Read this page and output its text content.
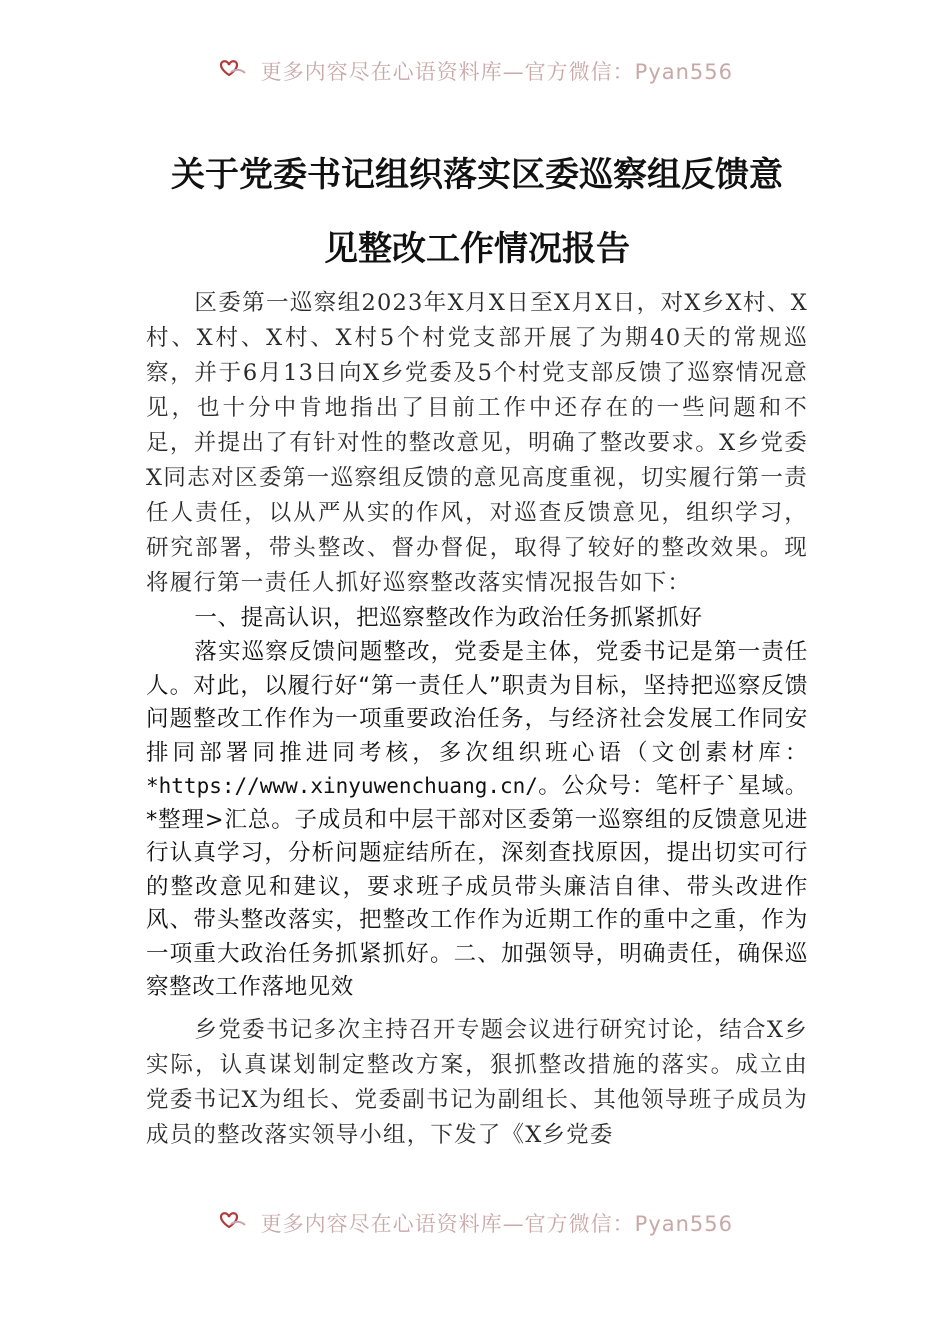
更多内容尽在心语资料库—官方微信：Pyan556
关于党委书记组织落实区委巡察组反馈意
见整改工作情况报告

区委第一巡察组2023年X月X日至X月X日，对X乡X村、X村、X村、X村、X村5个村党支部开展了为期40天的常规巡察，并于6月13日向X乡党委及5个村党支部反馈了巡察情况意见，也十分中肯地指出了目前工作中还存在的一些问题和不足，并提出了有针对性的整改意见，明确了整改要求。X乡党委X同志对区委第一巡察组反馈的意见高度重视，切实履行第一责任人责任，以从严从实的作风，对巡查反馈意见，组织学习，研究部署，带头整改、督办督促，取得了较好的整改效果。现将履行第一责任人抓好巡察整改落实情况报告如下：

一、提高认识，把巡察整改作为政治任务抓紧抓好

落实巡察反馈问题整改，党委是主体，党委书记是第一责任人。对此，以履行好“第一责任人”职责为目标，坚持把巡察反馈问题整改工作作为一项重要政治任务，与经济社会发展工作同安排同部署同推进同考核，多次组织班心语（文创素材库：*https://www.xinyuwenchuang.cn/。公众号：笔杆子`星域。*整理>汇总。子成员和中层干部对区委第一巡察组的反馈意见进行认真学习，分析问题症结所在，深刻查找原因，提出切实可行的整改意见和建议，要求班子成员带头廉洁自律、带头改进作风、带头整改落实，把整改工作作为近期工作的重中之重，作为一项重大政治任务抓紧抓好。二、加强领导，明确责任，确保巡察整改工作落地见效

乡党委书记多次主持召开专题会议进行研究讨论，结合X乡实际，认真谋划制定整改方案，狠抓整改措施的落实。成立由党委书记X为组长、党委副书记为副组长、其他领导班子成员为成员的整改落实领导小组，下发了《X乡党委

更多内容尽在心语资料库—官方微信：Pyan556
